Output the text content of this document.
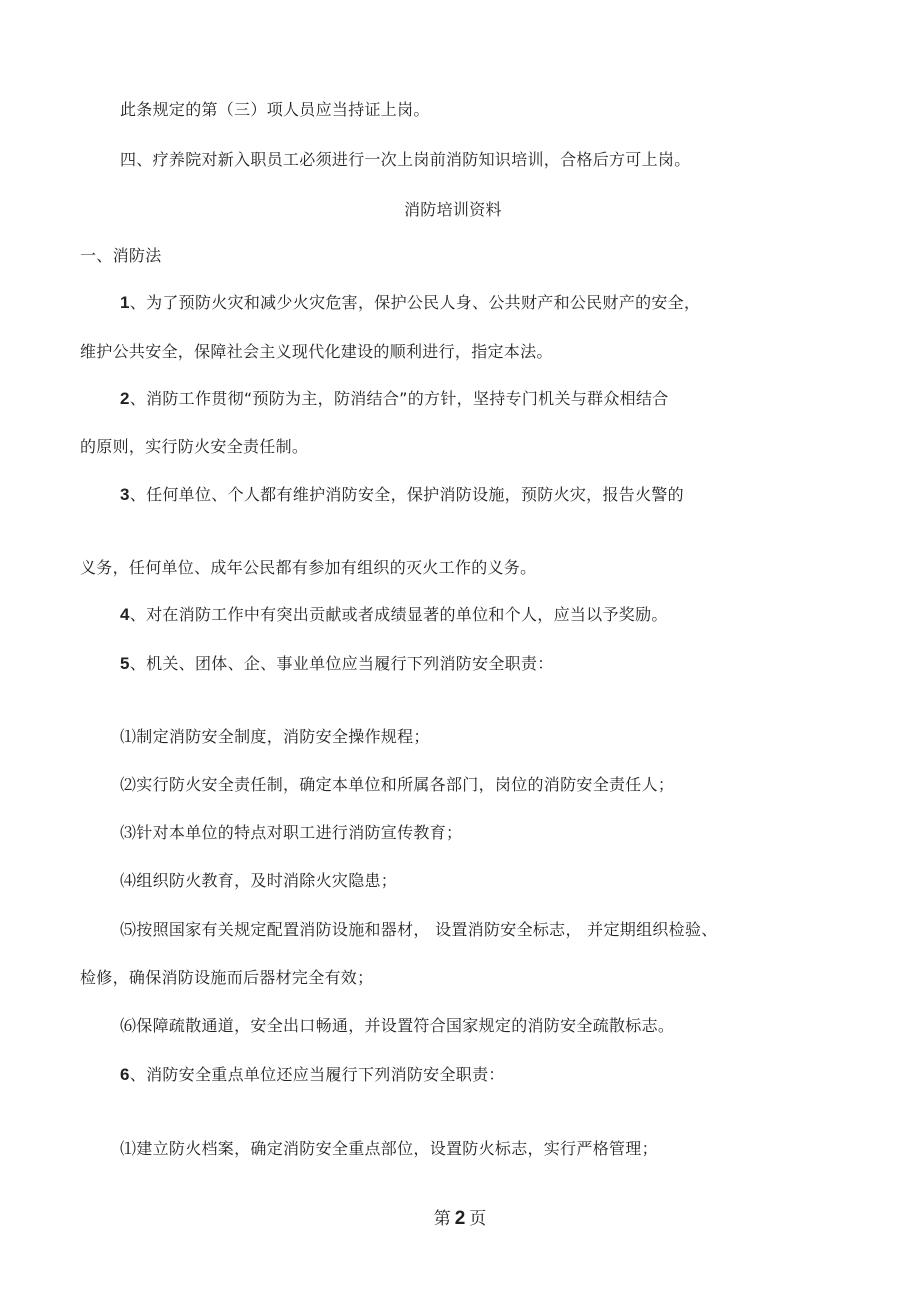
此条规定的第（三）项人员应当持证上岗。
四、疗养院对新入职员工必须进行一次上岗前消防知识培训，合格后方可上岗。
消防培训资料
一、消防法
1、为了预防火灾和减少火灾危害，保护公民人身、公共财产和公民财产的安全，
维护公共安全，保障社会主义现代化建设的顺利进行，指定本法。
2、消防工作贯彻“预防为主，防消结合”的方针，坚持专门机关与群众相结合
的原则，实行防火安全责任制。
3、任何单位、个人都有维护消防安全，保护消防设施，预防火灾，报告火警的
义务，任何单位、成年公民都有参加有组织的灭火工作的义务。
4、对在消防工作中有突出贡献或者成绩显著的单位和个人，应当以予奖励。
5、机关、团体、企、事业单位应当履行下列消防安全职责：
⑴制定消防安全制度，消防安全操作规程；
⑵实行防火安全责任制，确定本单位和所属各部门，岗位的消防安全责任人；
⑶针对本单位的特点对职工进行消防宣传教育；
⑷组织防火教育，及时消除火灾隐患；
⑸按照国家有关规定配置消防设施和器材， 设置消防安全标志， 并定期组织检验、
检修，确保消防设施而后器材完全有效；
⑹保障疏散通道，安全出口畅通，并设置符合国家规定的消防安全疏散标志。
6、消防安全重点单位还应当履行下列消防安全职责：
⑴建立防火档案，确定消防安全重点部位，设置防火标志，实行严格管理；
第 2 页
